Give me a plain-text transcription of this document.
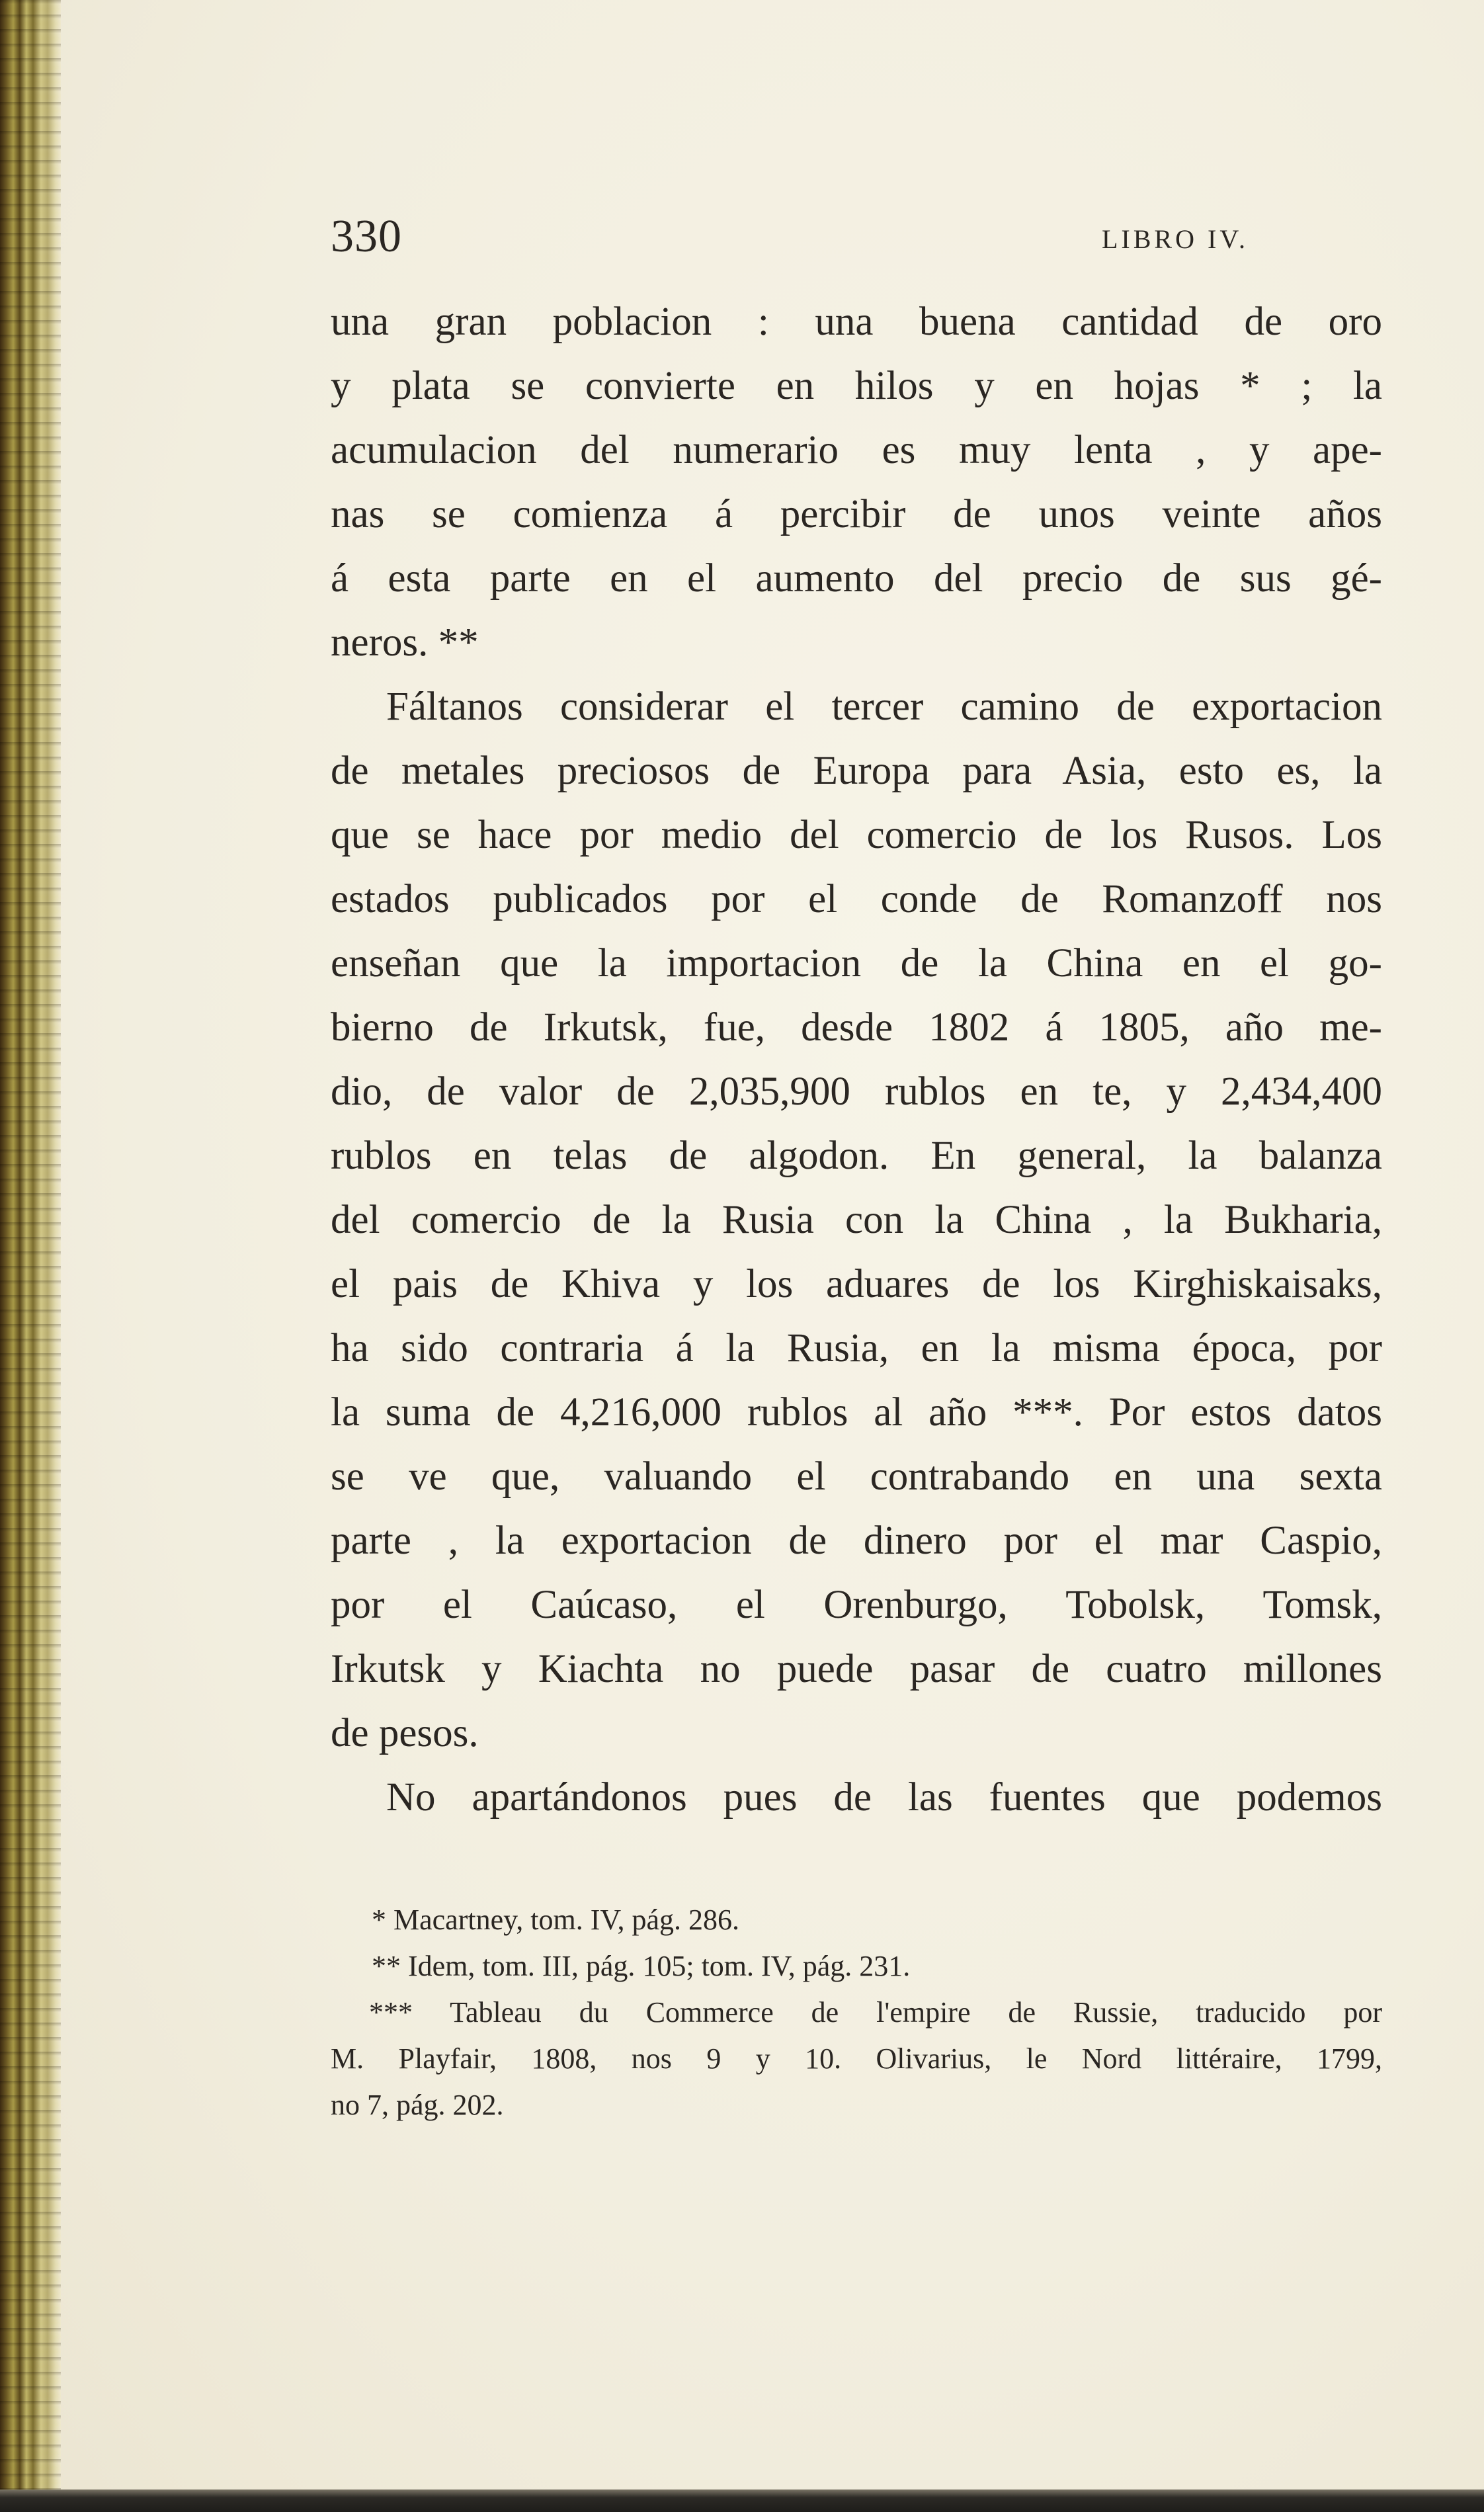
330	LIBRO IV.
una gran poblacion : una buena cantidad de oro
y plata se convierte en hilos y en hojas * ; la
acumulacion del numerario es muy lenta , y ape-
nas se comienza á percibir de unos veinte años
á esta parte en el aumento del precio de sus gé-
neros. **
Fáltanos considerar el tercer camino de exportacion
de metales preciosos de Europa para Asia, esto es, la
que se hace por medio del comercio de los Rusos. Los
estados publicados por el conde de Romanzoff nos
enseñan que la importacion de la China en el go-
bierno de Irkutsk, fue, desde 1802 á 1805, año me-
dio, de valor de 2,035,900 rublos en te, y 2,434,400
rublos en telas de algodon. En general, la balanza
del comercio de la Rusia con la China , la Bukharia,
el pais de Khiva y los aduares de los Kirghiskaisaks,
ha sido contraria á la Rusia, en la misma época, por
la suma de 4,216,000 rublos al año ***. Por estos datos
se ve que, valuando el contrabando en una sexta
parte , la exportacion de dinero por el mar Caspio,
por el Caúcaso, el Orenburgo, Tobolsk, Tomsk,
Irkutsk y Kiachta no puede pasar de cuatro millones
de pesos.
No apartándonos pues de las fuentes que podemos
* Macartney, tom. IV, pág. 286.
** Idem, tom. III, pág. 105; tom. IV, pág. 231.
*** Tableau du Commerce de l'empire de Russie, traducido por
M. Playfair, 1808, nos 9 y 10. Olivarius, le Nord littéraire, 1799,
no 7, pág. 202.
